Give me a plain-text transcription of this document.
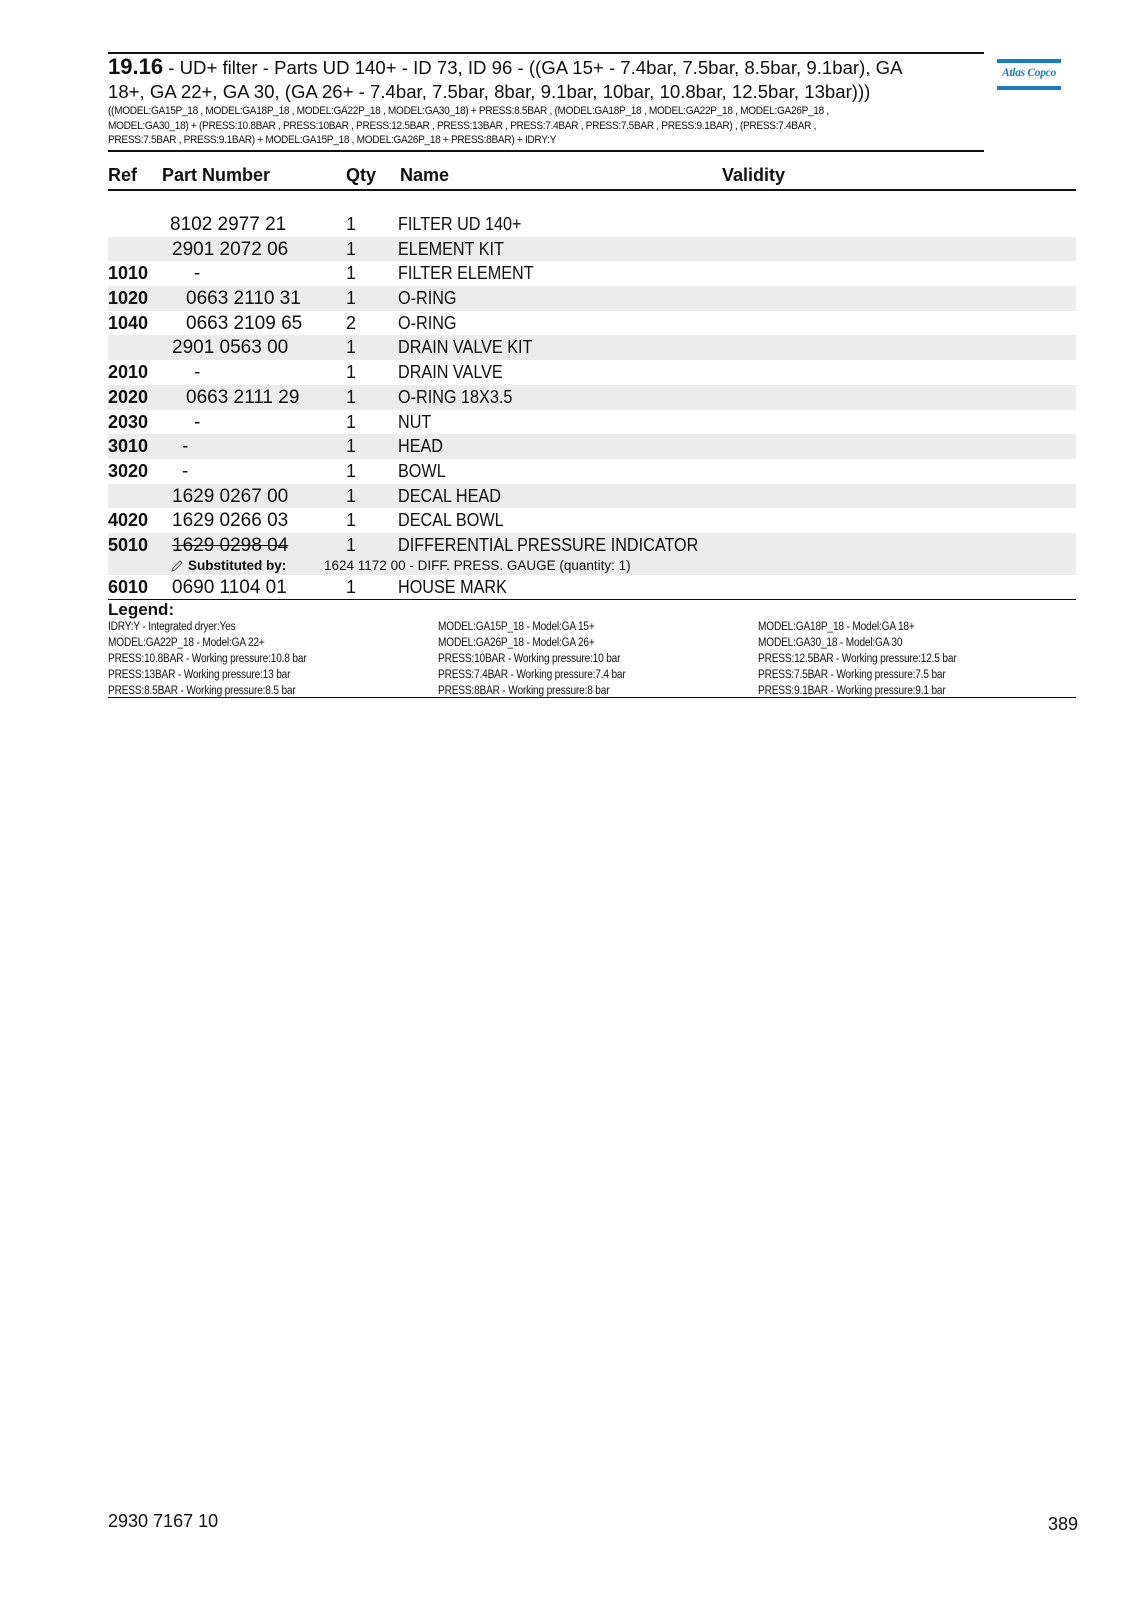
19.16 - UD+ filter - Parts UD 140+ - ID 73, ID 96 - ((GA 15+ - 7.4bar, 7.5bar, 8.5bar, 9.1bar), GA
18+, GA 22+, GA 30, (GA 26+ - 7.4bar, 7.5bar, 8bar, 9.1bar, 10bar, 10.8bar, 12.5bar, 13bar)))
((MODEL:GA15P_18 , MODEL:GA18P_18 , MODEL:GA22P_18 , MODEL:GA30_18) + PRESS:8.5BAR , (MODEL:GA18P_18 , MODEL:GA22P_18 , MODEL:GA26P_18 ,
MODEL:GA30_18) + (PRESS:10.8BAR , PRESS:10BAR , PRESS:12.5BAR , PRESS:13BAR , PRESS:7.4BAR , PRESS:7.5BAR , PRESS:9.1BAR) , (PRESS:7.4BAR ,
PRESS:7.5BAR , PRESS:9.1BAR) + MODEL:GA15P_18 , MODEL:GA26P_18 + PRESS:8BAR) + IDRY:Y
Atlas Copco
Ref Part Number	Qty Name	Validity
8102 2977 21	1 FILTER UD 140+
2901 2072 06	1 ELEMENT KIT
1010 -	1 FILTER ELEMENT
1020 0663 2110 31	1 O-RING
1040 0663 2109 65 2 O-RING
2901 0563 00	1 DRAIN VALVE KIT
2010 -	1 DRAIN VALVE
2020 0663 2111 29	1 O-RING 18X3.5
2030 -	1 NUT
3010 -	1 HEAD
3020 -	1 BOWL
1629 0267 00	1 DECAL HEAD
4020 1629 0266 03	1 DECAL BOWL
5010 1629 0298 04	1 DIFFERENTIAL PRESSURE INDICATOR
Substituted by:	1624 1172 00 - DIFF. PRESS. GAUGE (quantity: 1)
6010 0690 1104 01	1 HOUSE MARK
Legend:
IDRY:Y - Integrated dryer:Yes	MODEL:GA15P_18 - Model:GA 15+	MODEL:GA18P_18 - Model:GA 18+
MODEL:GA22P_18 - Model:GA 22+	MODEL:GA26P_18 - Model:GA 26+	MODEL:GA30_18 - Model:GA 30
PRESS:10.8BAR - Working pressure:10.8 bar	PRESS:10BAR - Working pressure:10 bar	PRESS:12.5BAR - Working pressure:12.5 bar
PRESS:13BAR - Working pressure:13 bar	PRESS:7.4BAR - Working pressure:7.4 bar	PRESS:7.5BAR - Working pressure:7.5 bar
PRESS:8.5BAR - Working pressure:8.5 bar	PRESS:8BAR - Working pressure:8 bar	PRESS:9.1BAR - Working pressure:9.1 bar
2930 7167 10	389
